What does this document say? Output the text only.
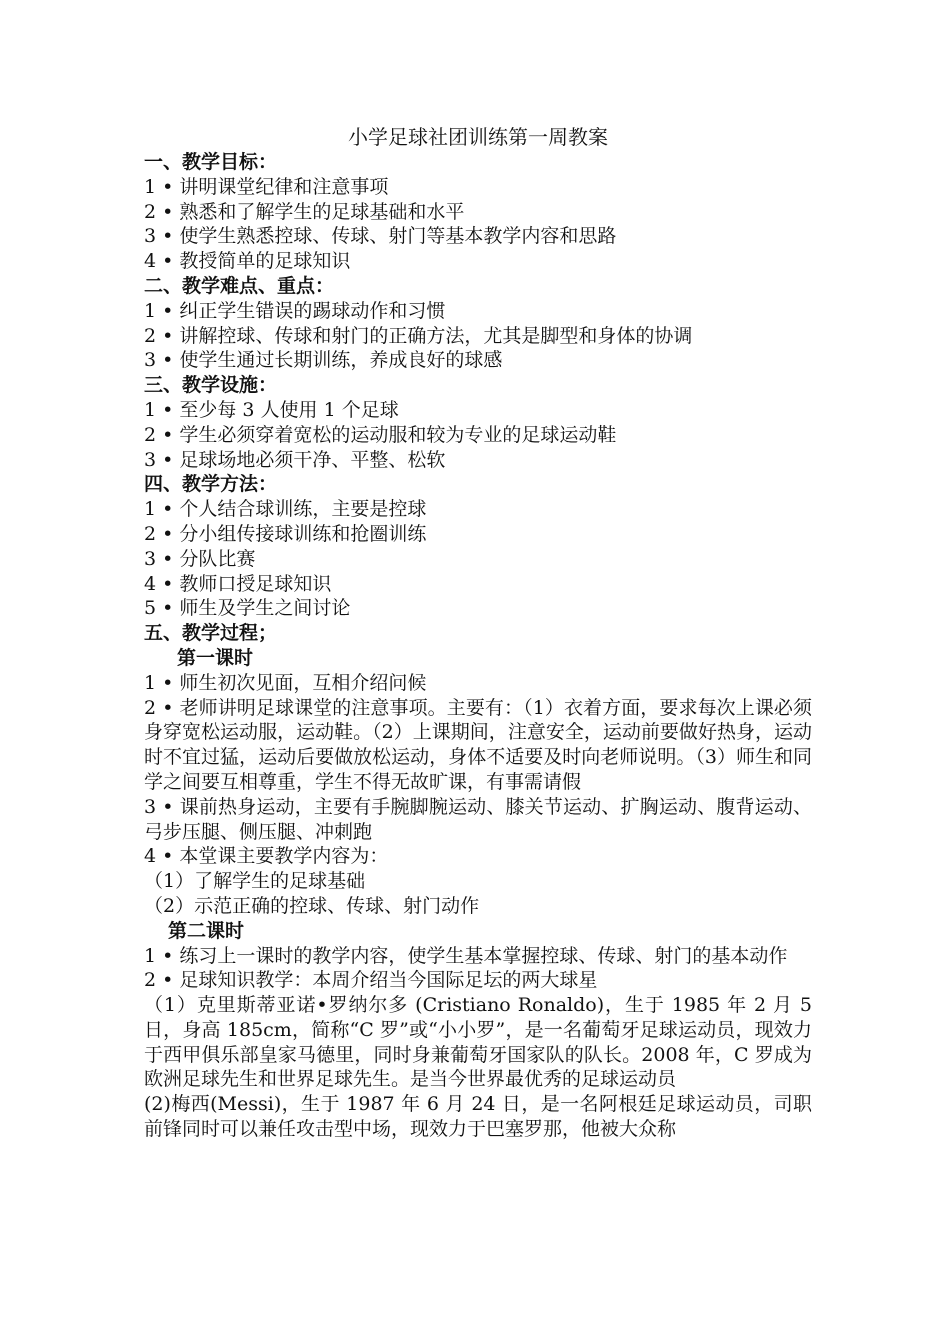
小学足球社团训练第一周教案
一、教学目标：
1 • 讲明课堂纪律和注意事项
2 • 熟悉和了解学生的足球基础和水平
3 • 使学生熟悉控球、传球、射门等基本教学内容和思路
4 • 教授简单的足球知识
二、教学难点、重点：
1 • 纠正学生错误的踢球动作和习惯
2 • 讲解控球、传球和射门的正确方法，尤其是脚型和身体的协调
3 • 使学生通过长期训练，养成良好的球感
三、教学设施：
1 • 至少每 3 人使用 1 个足球
2 • 学生必须穿着宽松的运动服和较为专业的足球运动鞋
3 • 足球场地必须干净、平整、松软
四、教学方法：
1 • 个人结合球训练，主要是控球
2 • 分小组传接球训练和抢圈训练
3 • 分队比赛
4 • 教师口授足球知识
5 • 师生及学生之间讨论
五、教学过程；
第一课时
1 • 师生初次见面，互相介绍问候
2 • 老师讲明足球课堂的注意事项。主要有：（1）衣着方面，要求每次上课必须身穿宽松运动服，运动鞋。（2）上课期间，注意安全，运动前要做好热身，运动时不宜过猛，运动后要做放松运动，身体不适要及时向老师说明。（3）师生和同学之间要互相尊重，学生不得无故旷课，有事需请假
3 • 课前热身运动，主要有手腕脚腕运动、膝关节运动、扩胸运动、腹背运动、弓步压腿、侧压腿、冲刺跑
4 • 本堂课主要教学内容为：
（1）了解学生的足球基础
（2）示范正确的控球、传球、射门动作
第二课时
1 • 练习上一课时的教学内容，使学生基本掌握控球、传球、射门的基本动作
2 • 足球知识教学：本周介绍当今国际足坛的两大球星
（1）克里斯蒂亚诺•罗纳尔多 (Cristiano Ronaldo)，生于 1985 年 2 月 5 日，身高 185cm，简称“C 罗”或“小小罗”，是一名葡萄牙足球运动员，现效力于西甲俱乐部皇家马德里，同时身兼葡萄牙国家队的队长。2008 年，C 罗成为欧洲足球先生和世界足球先生。是当今世界最优秀的足球运动员
(2)梅西(Messi)，生于 1987 年 6 月 24 日，是一名阿根廷足球运动员，司职前锋同时可以兼任攻击型中场，现效力于巴塞罗那，他被大众称
